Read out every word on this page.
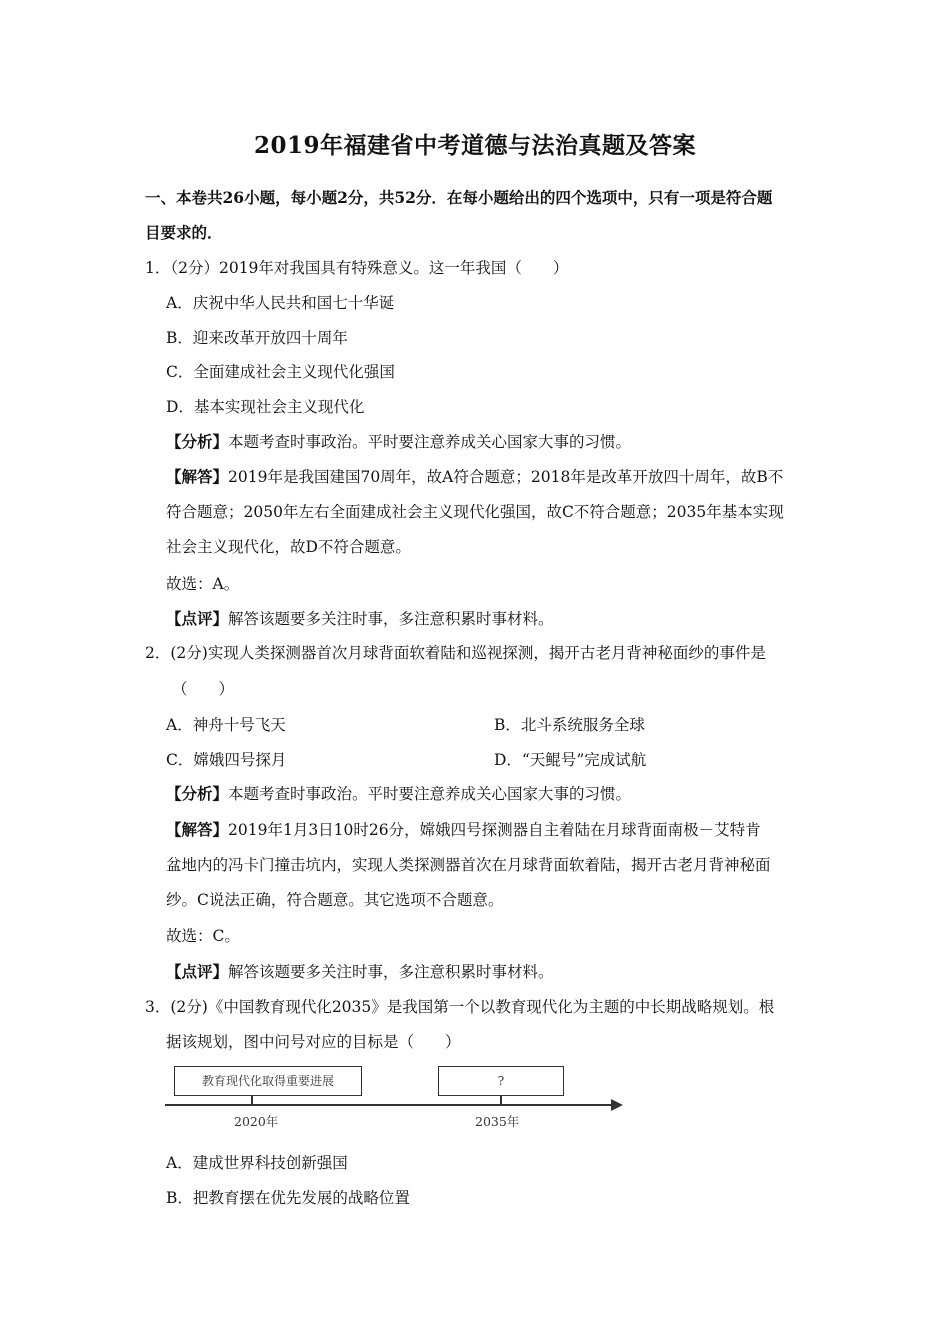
2019年福建省中考道德与法治真题及答案
一、本卷共26小题，每小题2分，共52分．在每小题给出的四个选项中，只有一项是符合题
目要求的．
1．（2分）2019年对我国具有特殊意义。这一年我国（　　）
A．庆祝中华人民共和国七十华诞
B．迎来改革开放四十周年
C．全面建成社会主义现代化强国
D．基本实现社会主义现代化
【分析】本题考查时事政治。平时要注意养成关心国家大事的习惯。
【解答】2019年是我国建国70周年，故A符合题意；2018年是改革开放四十周年，故B不
符合题意；2050年左右全面建成社会主义现代化强国，故C不符合题意；2035年基本实现
社会主义现代化，故D不符合题意。
故选：A。
【点评】解答该题要多关注时事，多注意积累时事材料。
2．(2分)实现人类探测器首次月球背面软着陆和巡视探测，揭开古老月背神秘面纱的事件是
（　　）
A．神舟十号飞天	B．北斗系统服务全球
C．嫦娥四号探月	D．“天鲲号”完成试航
【分析】本题考查时事政治。平时要注意养成关心国家大事的习惯。
【解答】2019年1月3日10时26分，嫦娥四号探测器自主着陆在月球背面南极－艾特肯
盆地内的冯卡门撞击坑内，实现人类探测器首次在月球背面软着陆，揭开古老月背神秘面
纱。C说法正确，符合题意。其它选项不合题意。
故选：C。
【点评】解答该题要多关注时事，多注意积累时事材料。
3．(2分)《中国教育现代化2035》是我国第一个以教育现代化为主题的中长期战略规划。根
据该规划，图中问号对应的目标是（　　）
教育现代化取得重要进展	?
2020年	2035年
A．建成世界科技创新强国
B．把教育摆在优先发展的战略位置
